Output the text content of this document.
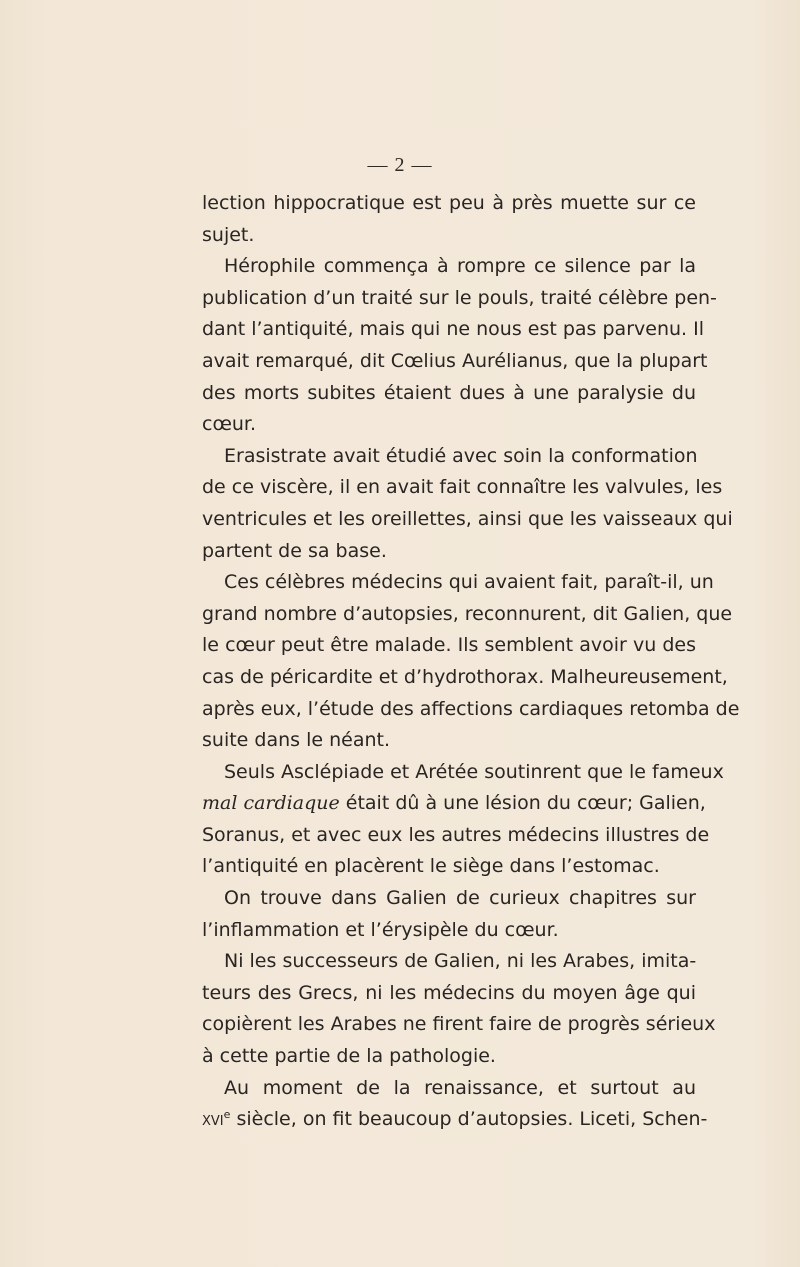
— 2 —
lection hippocratique est peu à près muette sur ce
sujet.
Hérophile commença à rompre ce silence par la
publication d’un traité sur le pouls, traité célèbre pen-
dant l’antiquité, mais qui ne nous est pas parvenu. Il
avait remarqué, dit Cœlius Aurélianus, que la plupart
des morts subites étaient dues à une paralysie du
cœur.
Erasistrate avait étudié avec soin la conformation
de ce viscère, il en avait fait connaître les valvules, les
ventricules et les oreillettes, ainsi que les vaisseaux qui
partent de sa base.
Ces célèbres médecins qui avaient fait, paraît-il, un
grand nombre d’autopsies, reconnurent, dit Galien, que
le cœur peut être malade. Ils semblent avoir vu des
cas de péricardite et d’hydrothorax. Malheureusement,
après eux, l’étude des affections cardiaques retomba de
suite dans le néant.
Seuls Asclépiade et Arétée soutinrent que le fameux
mal cardiaque était dû à une lésion du cœur; Galien,
Soranus, et avec eux les autres médecins illustres de
l’antiquité en placèrent le siège dans l’estomac.
On trouve dans Galien de curieux chapitres sur
l’inflammation et l’érysipèle du cœur.
Ni les successeurs de Galien, ni les Arabes, imita-
teurs des Grecs, ni les médecins du moyen âge qui
copièrent les Arabes ne firent faire de progrès sérieux
à cette partie de la pathologie.
Au moment de la renaissance, et surtout au
xvi$^e$ siècle, on fit beaucoup d’autopsies. Liceti, Schen-
